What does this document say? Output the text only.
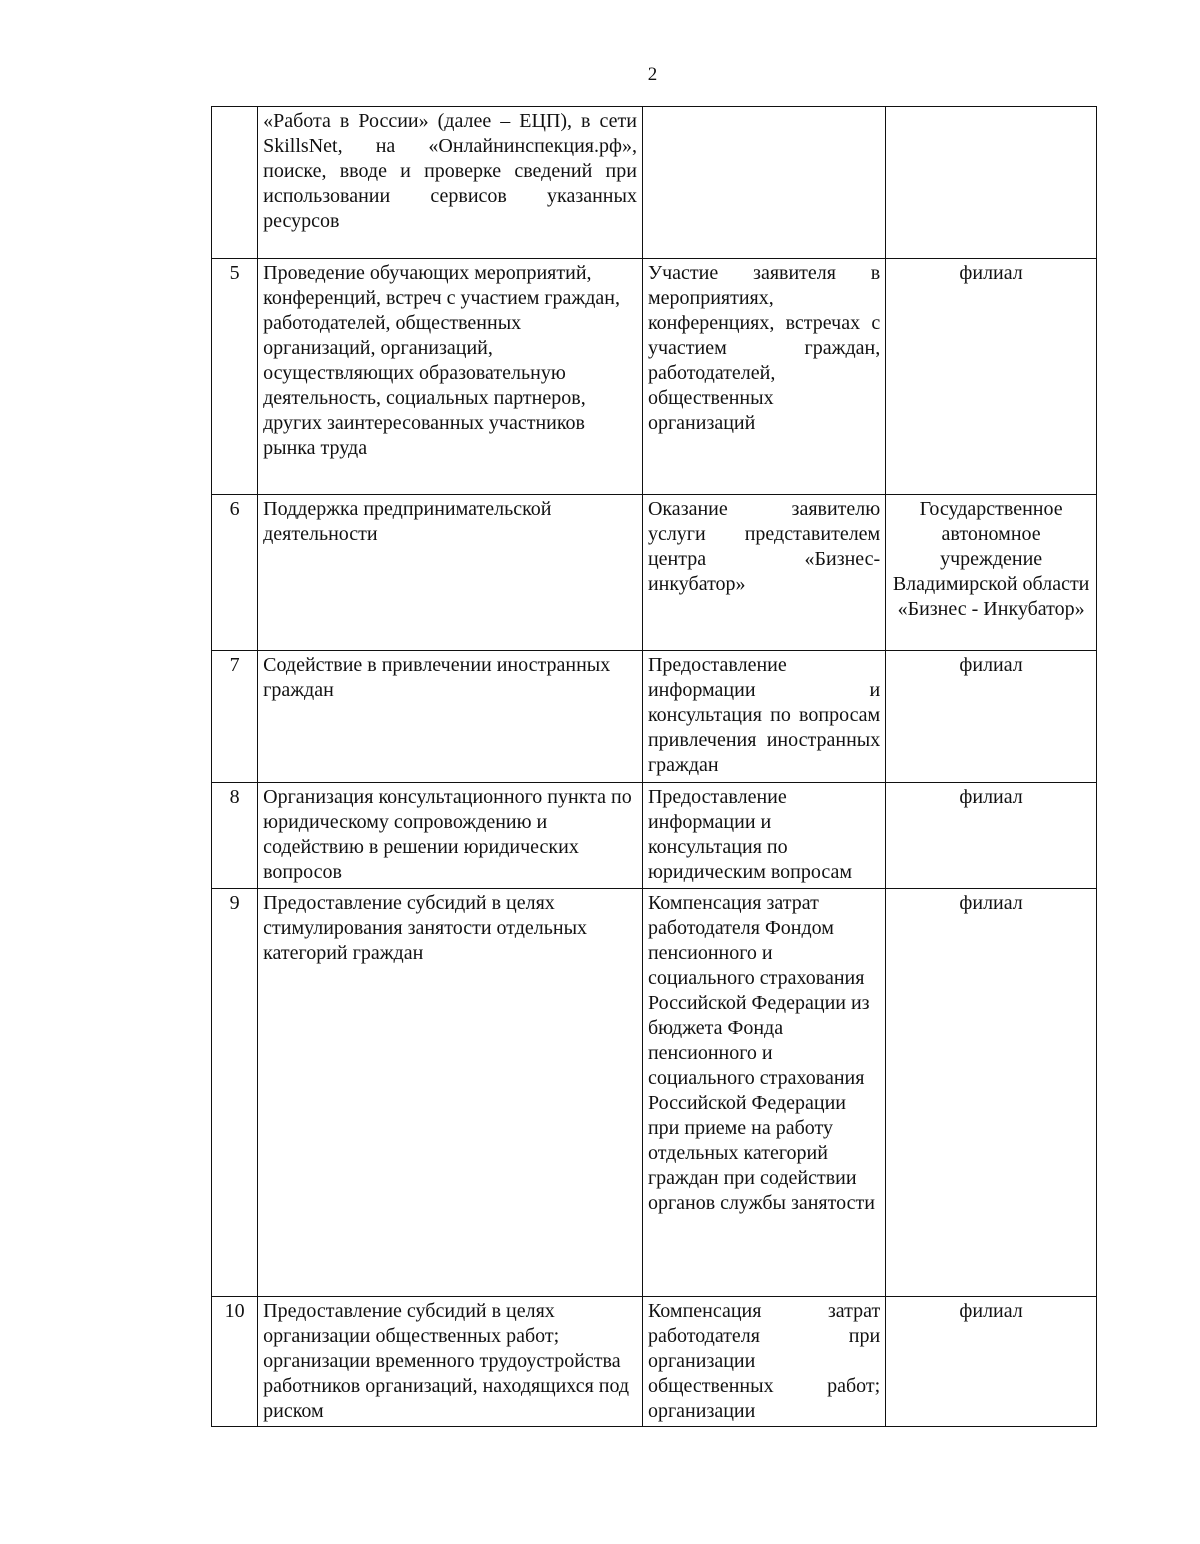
2
	«Работа в России» (далее – ЕЦП), в сети SkillsNet, на «Онлайнинспекция.рф», поиске, вводе и проверке сведений при использовании сервисов указанных ресурсов		
5	Проведение обучающих мероприятий, конференций, встреч с участием граждан, работодателей, общественных организаций, организаций, осуществляющих образовательную деятельность, социальных партнеров, других заинтересованных участников рынка труда	Участие заявителя в мероприятиях, конференциях, встречах с участием граждан, работодателей, общественных организаций	филиал
6	Поддержка предпринимательской деятельности	Оказание заявителю услуги представителем центра «Бизнес-инкубатор»	Государственное автономное учреждение Владимирской области «Бизнес - Инкубатор»
7	Содействие в привлечении иностранных граждан	Предоставление информации и консультация по вопросам привлечения иностранных граждан	филиал
8	Организация консультационного пункта по юридическому сопровождению и содействию в решении юридических вопросов	Предоставление информации и консультация по юридическим вопросам	филиал
9	Предоставление субсидий в целях стимулирования занятости отдельных категорий граждан	Компенсация затрат работодателя Фондом пенсионного и социального страхования Российской Федерации из бюджета Фонда пенсионного и социального страхования Российской Федерации при приеме на работу отдельных категорий граждан при содействии органов службы занятости	филиал
10	Предоставление субсидий в целях организации общественных работ; организации временного трудоустройства работников организаций, находящихся под риском	Компенсация затрат работодателя при организации общественных работ; организации	филиал
